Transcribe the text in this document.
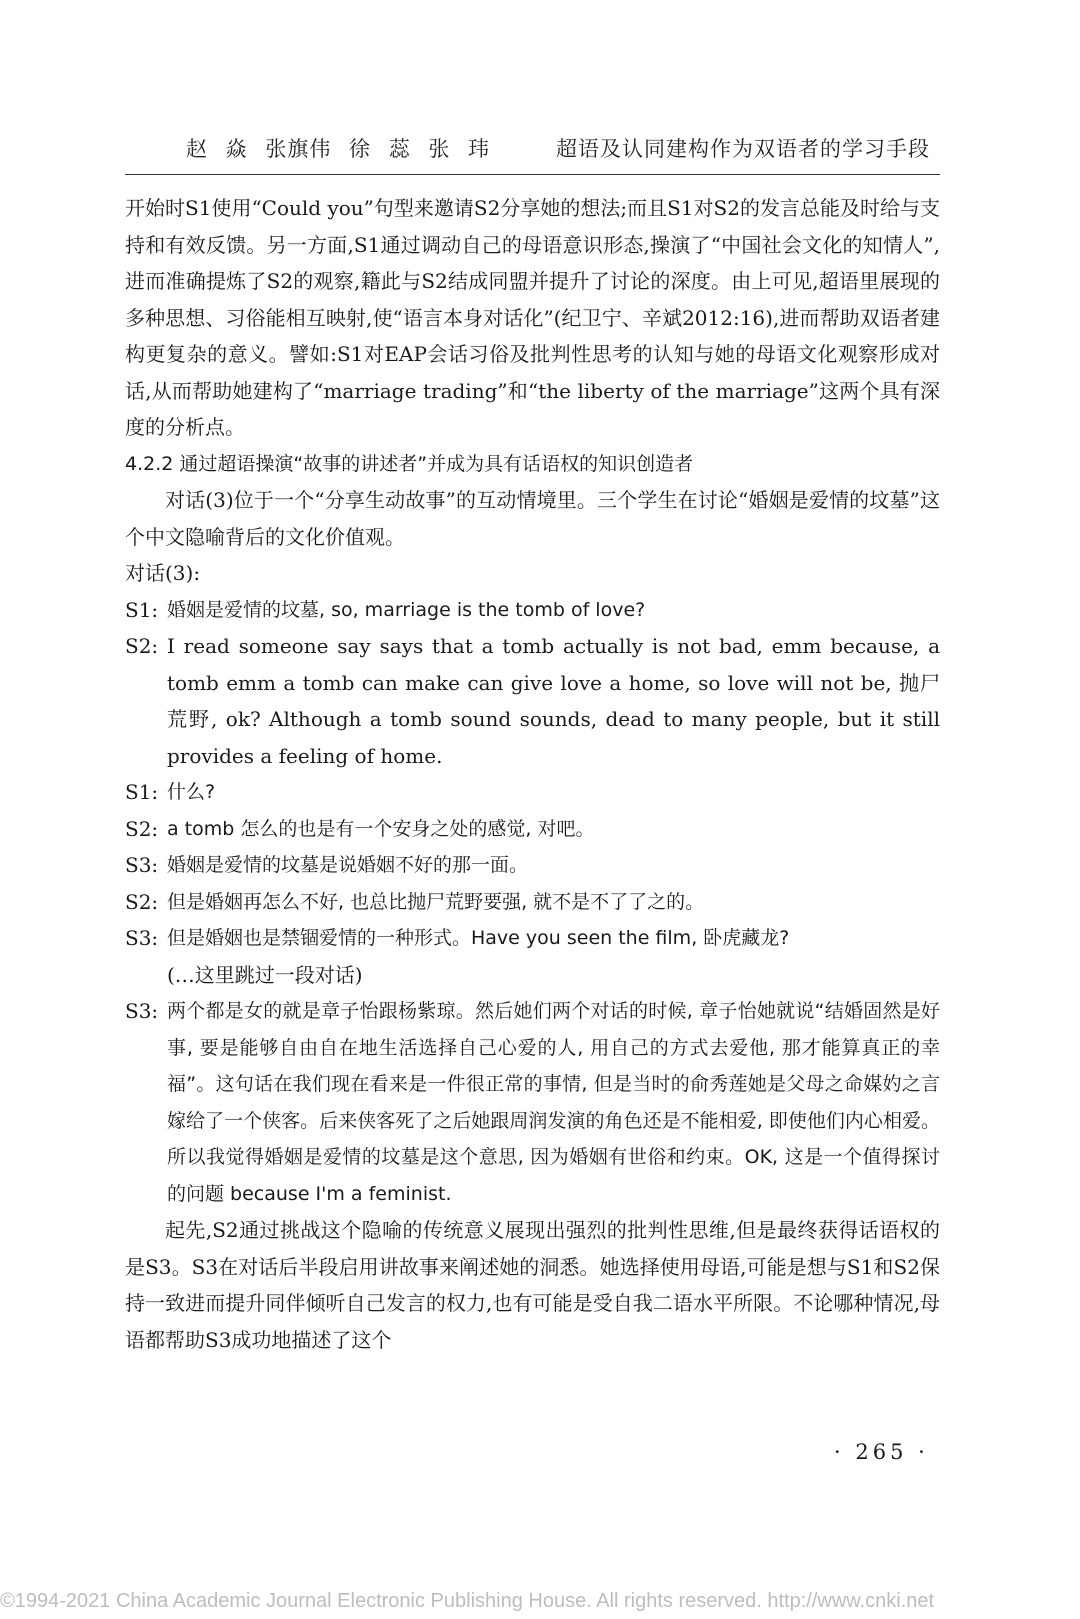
赵 焱 张旗伟 徐 蕊 张 玮	超语及认同建构作为双语者的学习手段

开始时S1使用“Could you”句型来邀请S2分享她的想法;而且S1对S2的发言总能及时给与支持和有效反馈。另一方面,S1通过调动自己的母语意识形态,操演了“中国社会文化的知情人”,进而准确提炼了S2的观察,籍此与S2结成同盟并提升了讨论的深度。由上可见,超语里展现的多种思想、习俗能相互映射,使“语言本身对话化”(纪卫宁、辛斌2012:16),进而帮助双语者建构更复杂的意义。譬如:S1对EAP会话习俗及批判性思考的认知与她的母语文化观察形成对话,从而帮助她建构了“marriage trading”和“the liberty of the marriage”这两个具有深度的分析点。

4.2.2 通过超语操演“故事的讲述者”并成为具有话语权的知识创造者

对话(3)位于一个“分享生动故事”的互动情境里。三个学生在讨论“婚姻是爱情的坟墓”这个中文隐喻背后的文化价值观。

对话(3):

S1: 婚姻是爱情的坟墓, so, marriage is the tomb of love?
S2: I read someone say says that a tomb actually is not bad, emm because, a tomb emm a tomb can make can give love a home, so love will not be, 抛尸荒野, ok? Although a tomb sound sounds, dead to many people, but it still provides a feeling of home.
S1: 什么?
S2: a tomb 怎么的也是有一个安身之处的感觉, 对吧。
S3: 婚姻是爱情的坟墓是说婚姻不好的那一面。
S2: 但是婚姻再怎么不好, 也总比抛尸荒野要强, 就不是不了了之的。
S3: 但是婚姻也是禁锢爱情的一种形式。Have you seen the film, 卧虎藏龙?

(…这里跳过一段对话)

S3: 两个都是女的就是章子怡跟杨紫琼。然后她们两个对话的时候, 章子怡她就说“结婚固然是好事, 要是能够自由自在地生活选择自己心爱的人, 用自己的方式去爱他, 那才能算真正的幸福”。这句话在我们现在看来是一件很正常的事情, 但是当时的俞秀莲她是父母之命媒妁之言嫁给了一个侠客。后来侠客死了之后她跟周润发演的角色还是不能相爱, 即使他们内心相爱。所以我觉得婚姻是爱情的坟墓是这个意思, 因为婚姻有世俗和约束。OK, 这是一个值得探讨的问题 because I'm a feminist.

起先,S2通过挑战这个隐喻的传统意义展现出强烈的批判性思维,但是最终获得话语权的是S3。S3在对话后半段启用讲故事来阐述她的洞悉。她选择使用母语,可能是想与S1和S2保持一致进而提升同伴倾听自己发言的权力,也有可能是受自我二语水平所限。不论哪种情况,母语都帮助S3成功地描述了这个

· 265 ·
©1994-2021 China Academic Journal Electronic Publishing House. All rights reserved. http://www.cnki.net
